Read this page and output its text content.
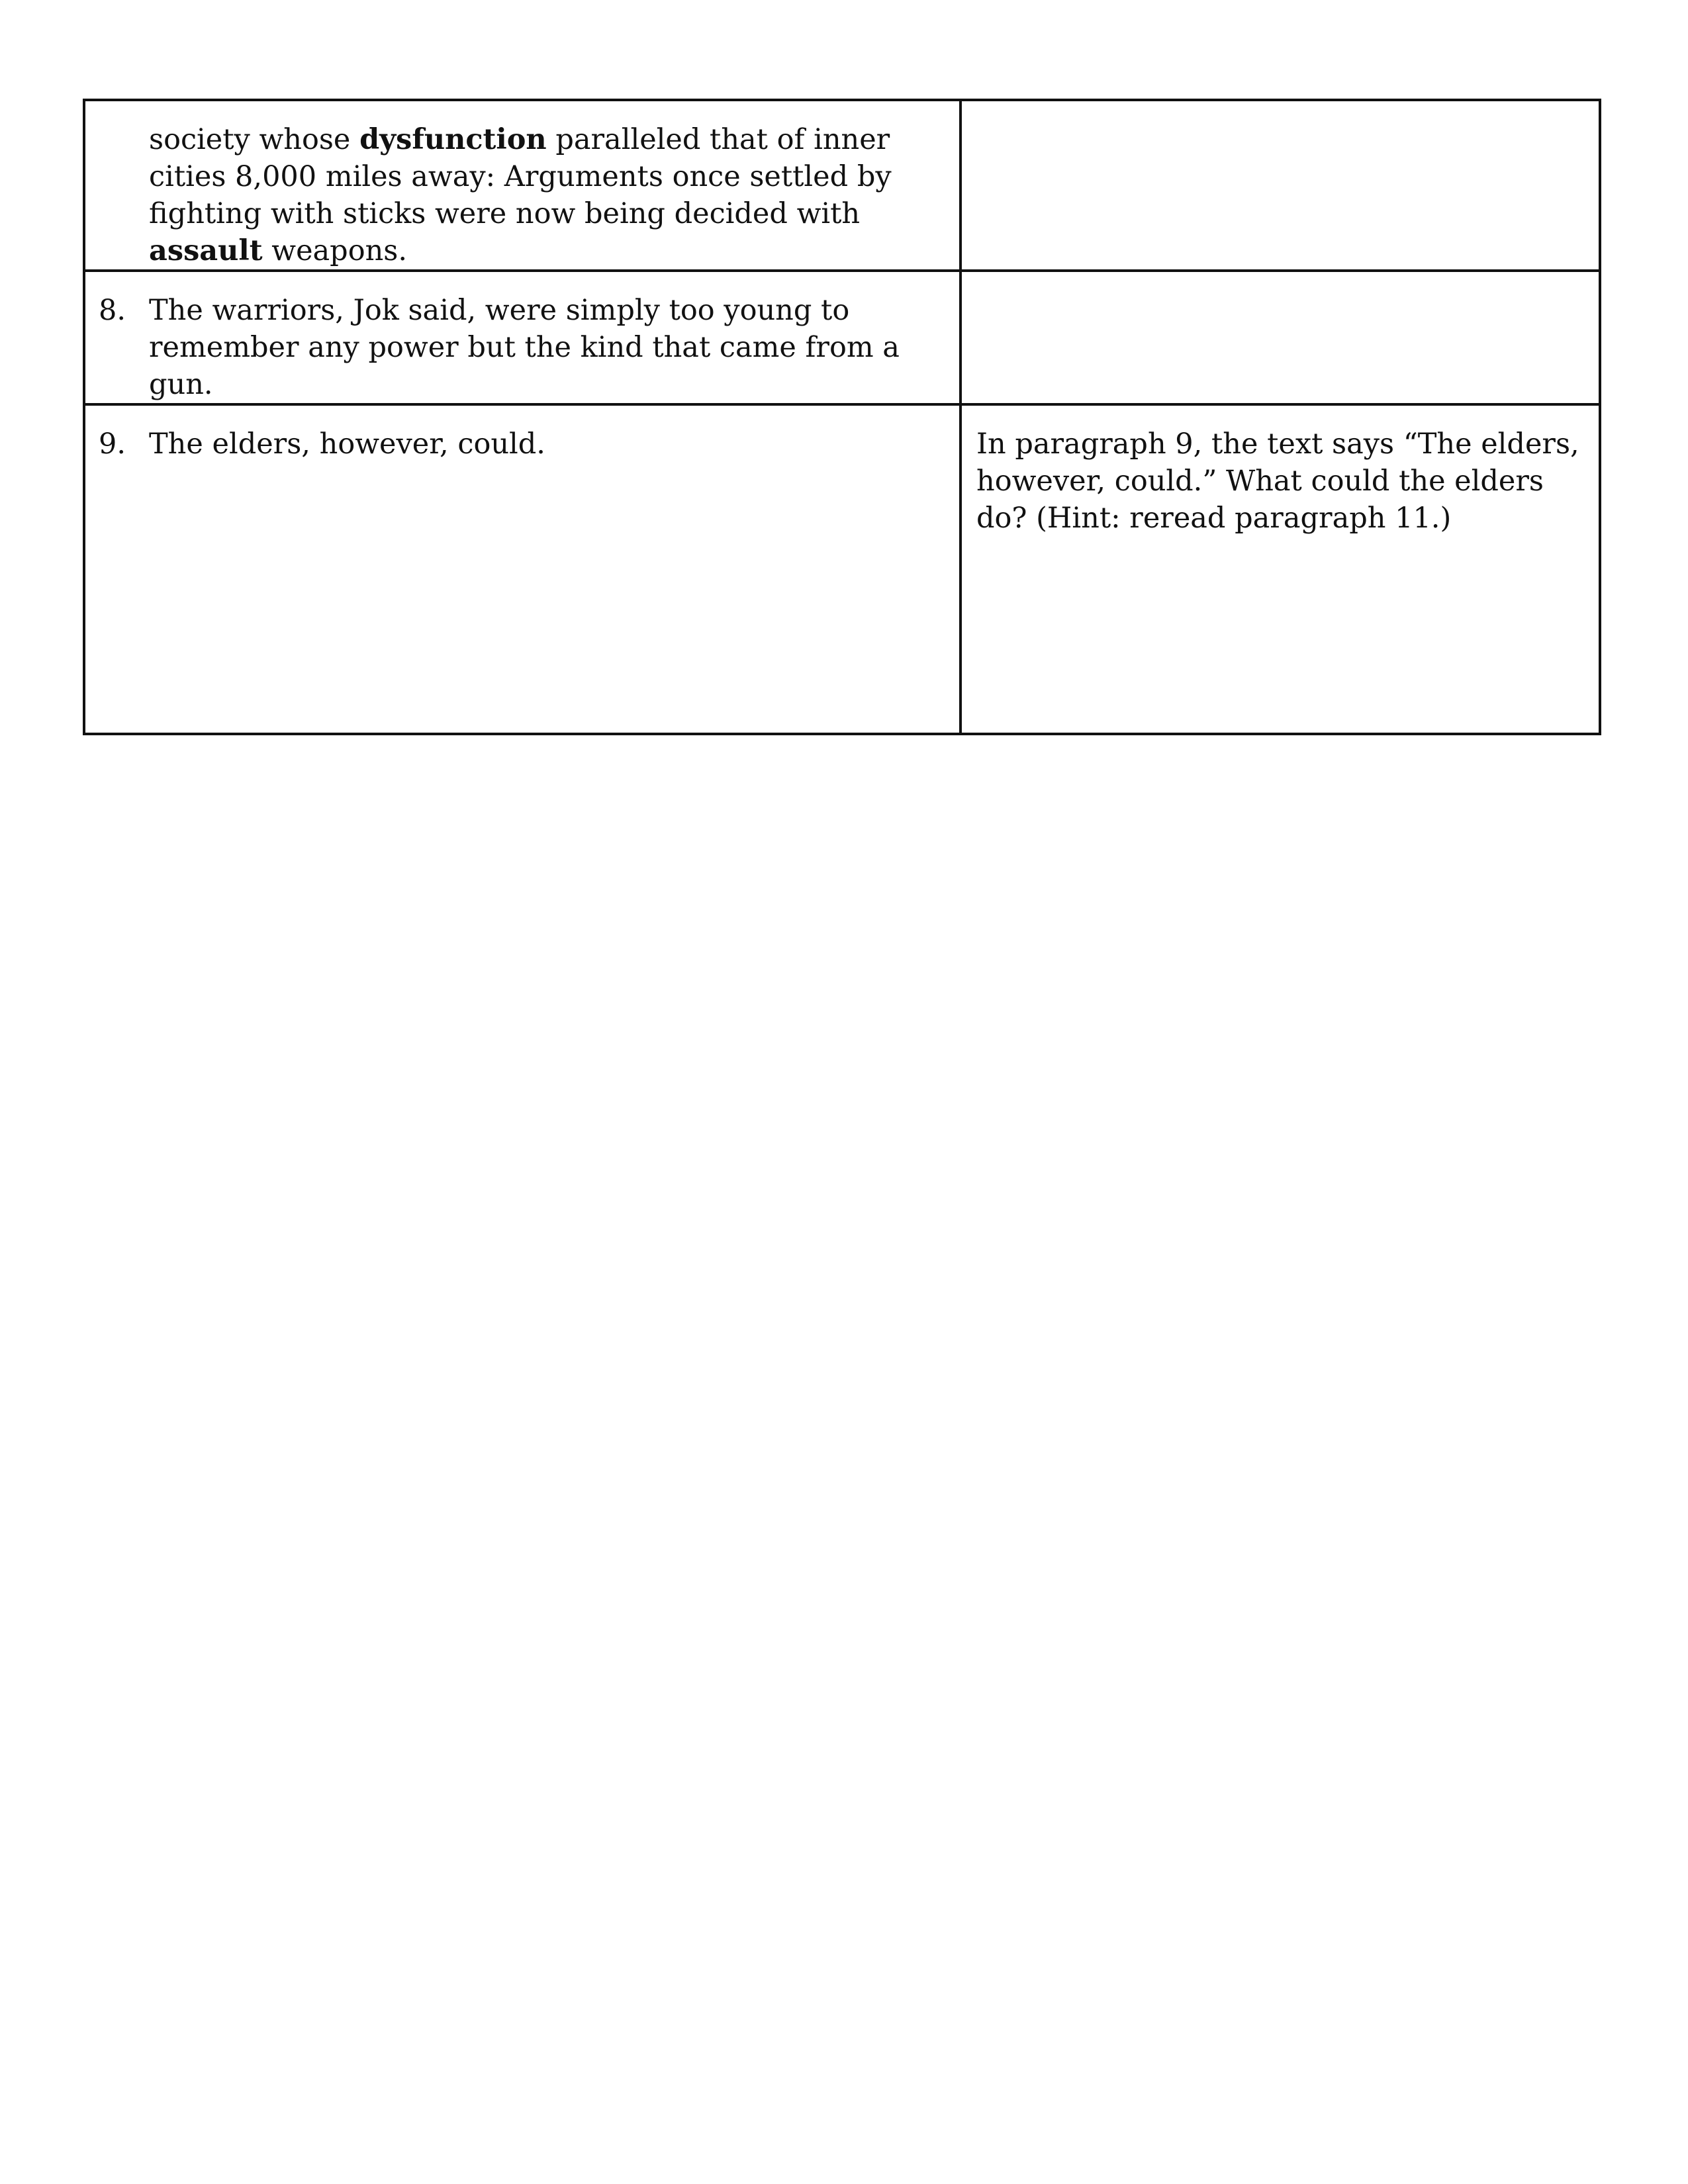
society whose dysfunction paralleled that of inner cities 8,000 miles away: Arguments once settled by fighting with sticks were now being decided with assault weapons.	

8. The warriors, Jok said, were simply too young to remember any power but the kind that came from a gun.	

9. The elders, however, could.	In paragraph 9, the text says “The elders, however, could.” What could the elders do? (Hint: reread paragraph 11.)
